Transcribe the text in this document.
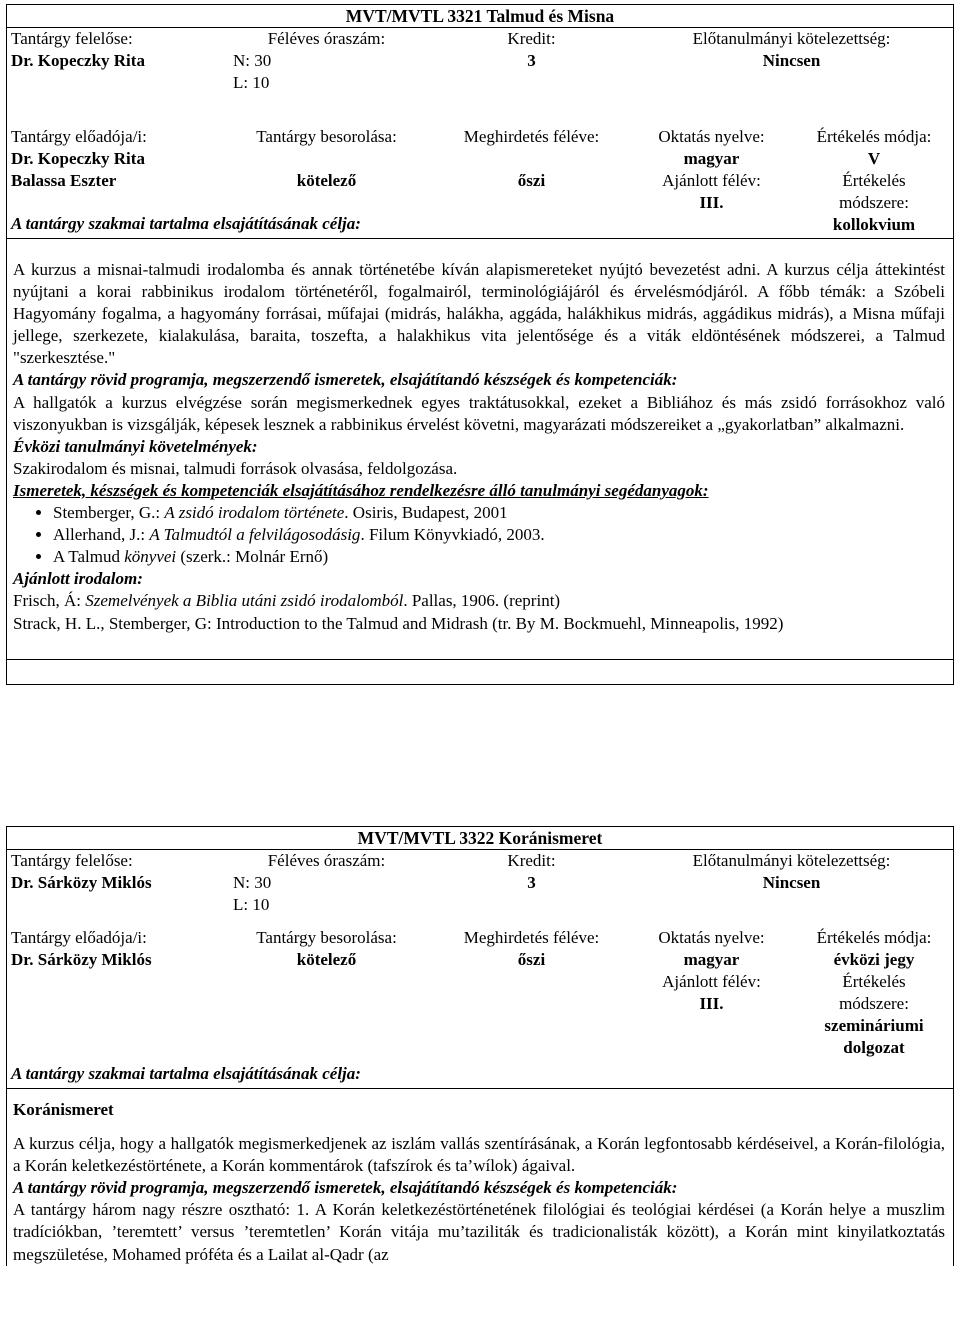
MVT/MVTL 3321 Talmud és Misna
Tantárgy felelőse:
Dr. Kopeczky Rita
Féléves óraszám:
N: 30
L: 10
Kredit:
3
Előtanulmányi kötelezettség:
Nincsen
Tantárgy előadója/i:
Dr. Kopeczky Rita
Balassa Eszter
Tantárgy besorolása:

kötelező
Meghirdetés féléve:

őszi
Oktatás nyelve:
magyar
Ajánlott félév:
III.
Értékelés módja:
V
Értékelés
módszere:
kollokvium
A tantárgy szakmai tartalma elsajátításának célja:

A kurzus a misnai-talmudi irodalomba és annak történetébe kíván alapismereteket nyújtó bevezetést adni. A kurzus célja áttekintést nyújtani a korai rabbinikus irodalom történetéről, fogalmairól, terminológiájáról és érvelésmódjáról. A főbb témák: a Szóbeli Hagyomány fogalma, a hagyomány forrásai, műfajai (midrás, halákha, aggáda, halákhikus midrás, aggádikus midrás), a Misna műfaji jellege, szerkezete, kialakulása, baraita, toszefta, a halakhikus vita jelentősége és a viták eldöntésének módszerei, a Talmud "szerkesztése."

A tantárgy rövid programja, megszerzendő ismeretek, elsajátítandó készségek és kompetenciák:

A hallgatók a kurzus elvégzése során megismerkednek egyes traktátusokkal, ezeket a Bibliához és más zsidó forrásokhoz való viszonyukban is vizsgálják, képesek lesznek a rabbinikus érvelést követni, magyarázati módszereiket a „gyakorlatban” alkalmazni.

Évközi tanulmányi követelmények:

Szakirodalom és misnai, talmudi források olvasása, feldolgozása.

Ismeretek, készségek és kompetenciák elsajátításához rendelkezésre álló tanulmányi segédanyagok:

• Stemberger, G.: A zsidó irodalom története. Osiris, Budapest, 2001
• Allerhand, J.: A Talmudtól a felvilágosodásig. Filum Könyvkiadó, 2003.
• A Talmud könyvei (szerk.: Molnár Ernő)

Ajánlott irodalom:

Frisch, Á: Szemelvények a Biblia utáni zsidó irodalomból. Pallas, 1906. (reprint)

Strack, H. L., Stemberger, G: Introduction to the Talmud and Midrash (tr. By M. Bockmuehl, Minneapolis, 1992)

MVT/MVTL 3322 Koránismeret
Tantárgy felelőse:
Dr. Sárközy Miklós
Féléves óraszám:
N: 30
L: 10
Kredit:
3
Előtanulmányi kötelezettség:
Nincsen
Tantárgy előadója/i:
Dr. Sárközy Miklós
Tantárgy besorolása:
kötelező
Meghirdetés féléve:
őszi
Oktatás nyelve:
magyar
Ajánlott félév:
III.
Értékelés módja:
évközi jegy
Értékelés
módszere:
szemináriumi
dolgozat
A tantárgy szakmai tartalma elsajátításának célja:

Koránismeret

A kurzus célja, hogy a hallgatók megismerkedjenek az iszlám vallás szentírásának, a Korán legfontosabb kérdéseivel, a Korán-filológia, a Korán keletkezéstörténete, a Korán kommentárok (tafszírok és ta’wílok) ágaival.

A tantárgy rövid programja, megszerzendő ismeretek, elsajátítandó készségek és kompetenciák:

A tantárgy három nagy részre osztható: 1. A Korán keletkezéstörténetének filológiai és teológiai kérdései (a Korán helye a muszlim tradíciókban, ’teremtett’ versus ’teremtetlen’ Korán vitája mu’taziliták és tradicionalisták között), a Korán mint kinyilatkoztatás megszületése, Mohamed próféta és a Lailat al-Qadr (az
